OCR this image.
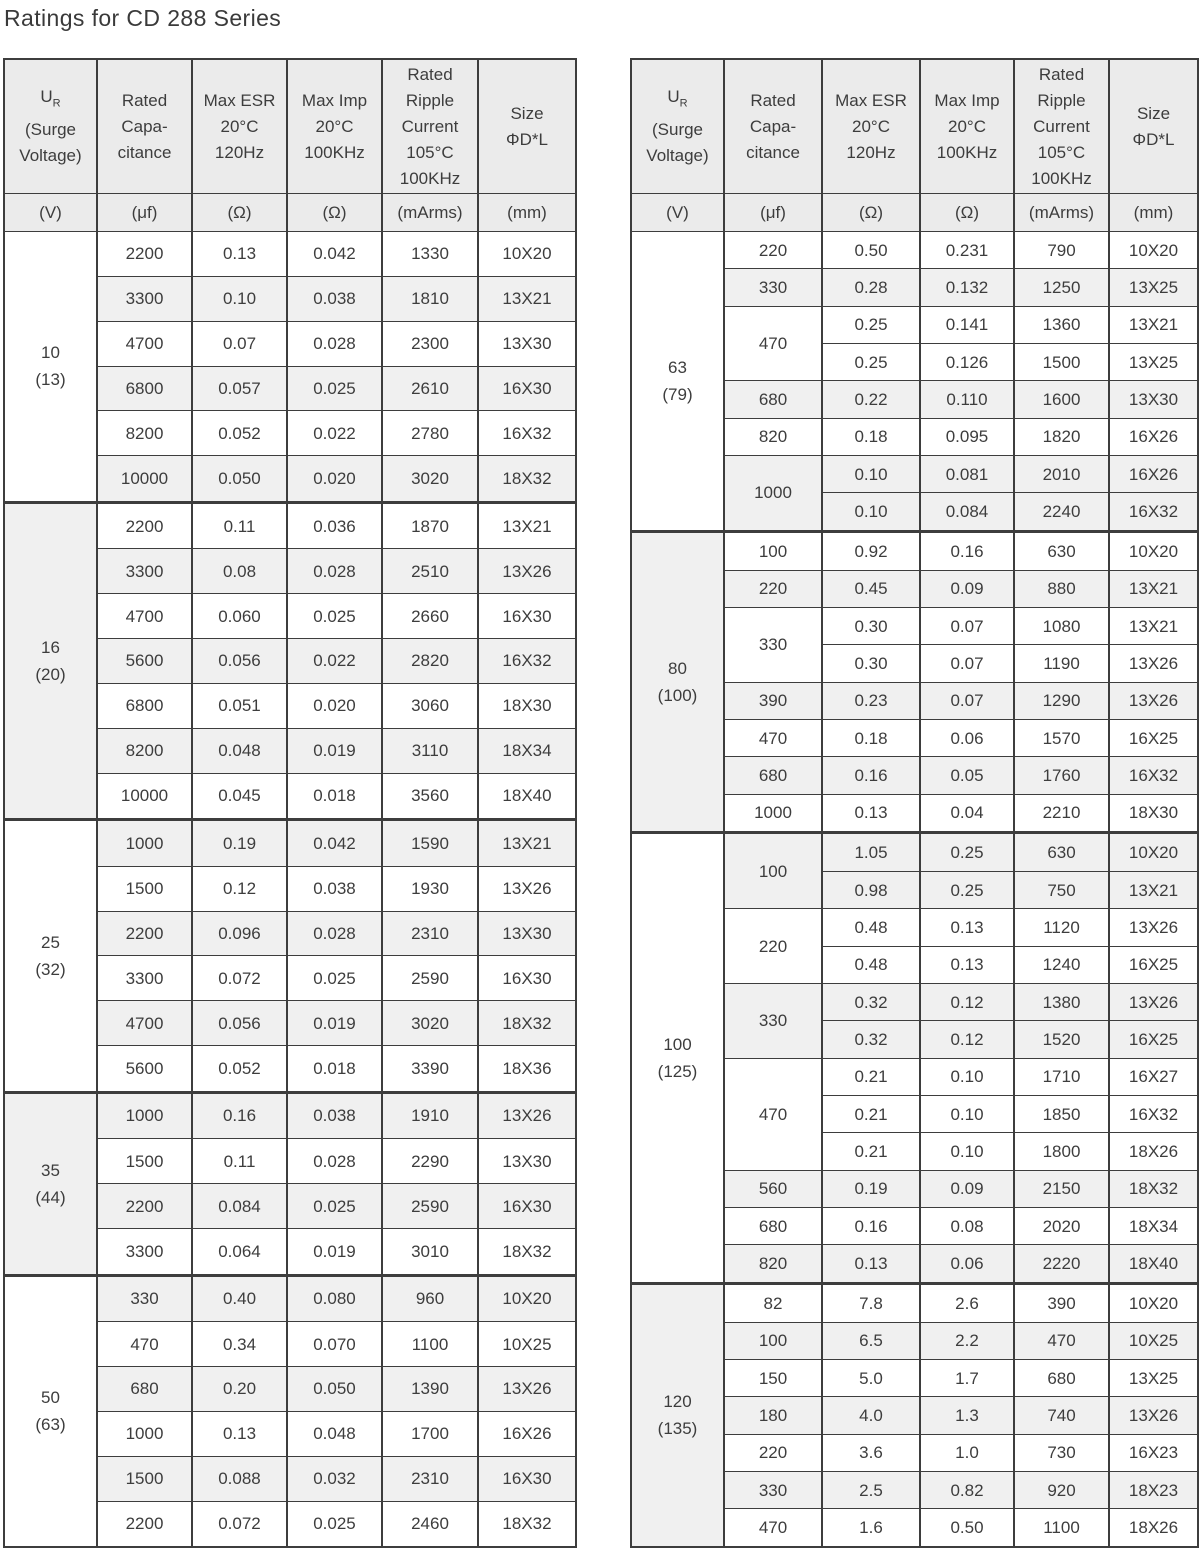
Ratings for CD 288 Series
$U_R$
(Surge
Voltage)	Rated
Capa-
citance	Max ESR
20°C
120Hz	Max Imp
20°C
100KHz	Rated
Ripple
Current
105°C
100KHz	Size
ΦD*L
(V)	(μf)	(Ω)	(Ω)	(mArms)	(mm)
10
(13)	2200	0.13	0.042	1330	10X20
	3300	0.10	0.038	1810	13X21
	4700	0.07	0.028	2300	13X30
	6800	0.057	0.025	2610	16X30
	8200	0.052	0.022	2780	16X32
	10000	0.050	0.020	3020	18X32
16
(20)	2200	0.11	0.036	1870	13X21
	3300	0.08	0.028	2510	13X26
	4700	0.060	0.025	2660	16X30
	5600	0.056	0.022	2820	16X32
	6800	0.051	0.020	3060	18X30
	8200	0.048	0.019	3110	18X34
	10000	0.045	0.018	3560	18X40
25
(32)	1000	0.19	0.042	1590	13X21
	1500	0.12	0.038	1930	13X26
	2200	0.096	0.028	2310	13X30
	3300	0.072	0.025	2590	16X30
	4700	0.056	0.019	3020	18X32
	5600	0.052	0.018	3390	18X36
35
(44)	1000	0.16	0.038	1910	13X26
	1500	0.11	0.028	2290	13X30
	2200	0.084	0.025	2590	16X30
	3300	0.064	0.019	3010	18X32
50
(63)	330	0.40	0.080	960	10X20
	470	0.34	0.070	1100	10X25
	680	0.20	0.050	1390	13X26
	1000	0.13	0.048	1700	16X26
	1500	0.088	0.032	2310	16X30
	2200	0.072	0.025	2460	18X32
$U_R$
(Surge
Voltage)	Rated
Capa-
citance	Max ESR
20°C
120Hz	Max Imp
20°C
100KHz	Rated
Ripple
Current
105°C
100KHz	Size
ΦD*L
(V)	(μf)	(Ω)	(Ω)	(mArms)	(mm)
63
(79)	220	0.50	0.231	790	10X20
	330	0.28	0.132	1250	13X25
	470	0.25	0.141	1360	13X21
		0.25	0.126	1500	13X25
	680	0.22	0.110	1600	13X30
	820	0.18	0.095	1820	16X26
	1000	0.10	0.081	2010	16X26
		0.10	0.084	2240	16X32
80
(100)	100	0.92	0.16	630	10X20
	220	0.45	0.09	880	13X21
	330	0.30	0.07	1080	13X21
		0.30	0.07	1190	13X26
	390	0.23	0.07	1290	13X26
	470	0.18	0.06	1570	16X25
	680	0.16	0.05	1760	16X32
	1000	0.13	0.04	2210	18X30
100
(125)	100	1.05	0.25	630	10X20
		0.98	0.25	750	13X21
	220	0.48	0.13	1120	13X26
		0.48	0.13	1240	16X25
	330	0.32	0.12	1380	13X26
		0.32	0.12	1520	16X25
	470	0.21	0.10	1710	16X27
		0.21	0.10	1850	16X32
		0.21	0.10	1800	18X26
	560	0.19	0.09	2150	18X32
	680	0.16	0.08	2020	18X34
	820	0.13	0.06	2220	18X40
120
(135)	82	7.8	2.6	390	10X20
	100	6.5	2.2	470	10X25
	150	5.0	1.7	680	13X25
	180	4.0	1.3	740	13X26
	220	3.6	1.0	730	16X23
	330	2.5	0.82	920	18X23
	470	1.6	0.50	1100	18X26
